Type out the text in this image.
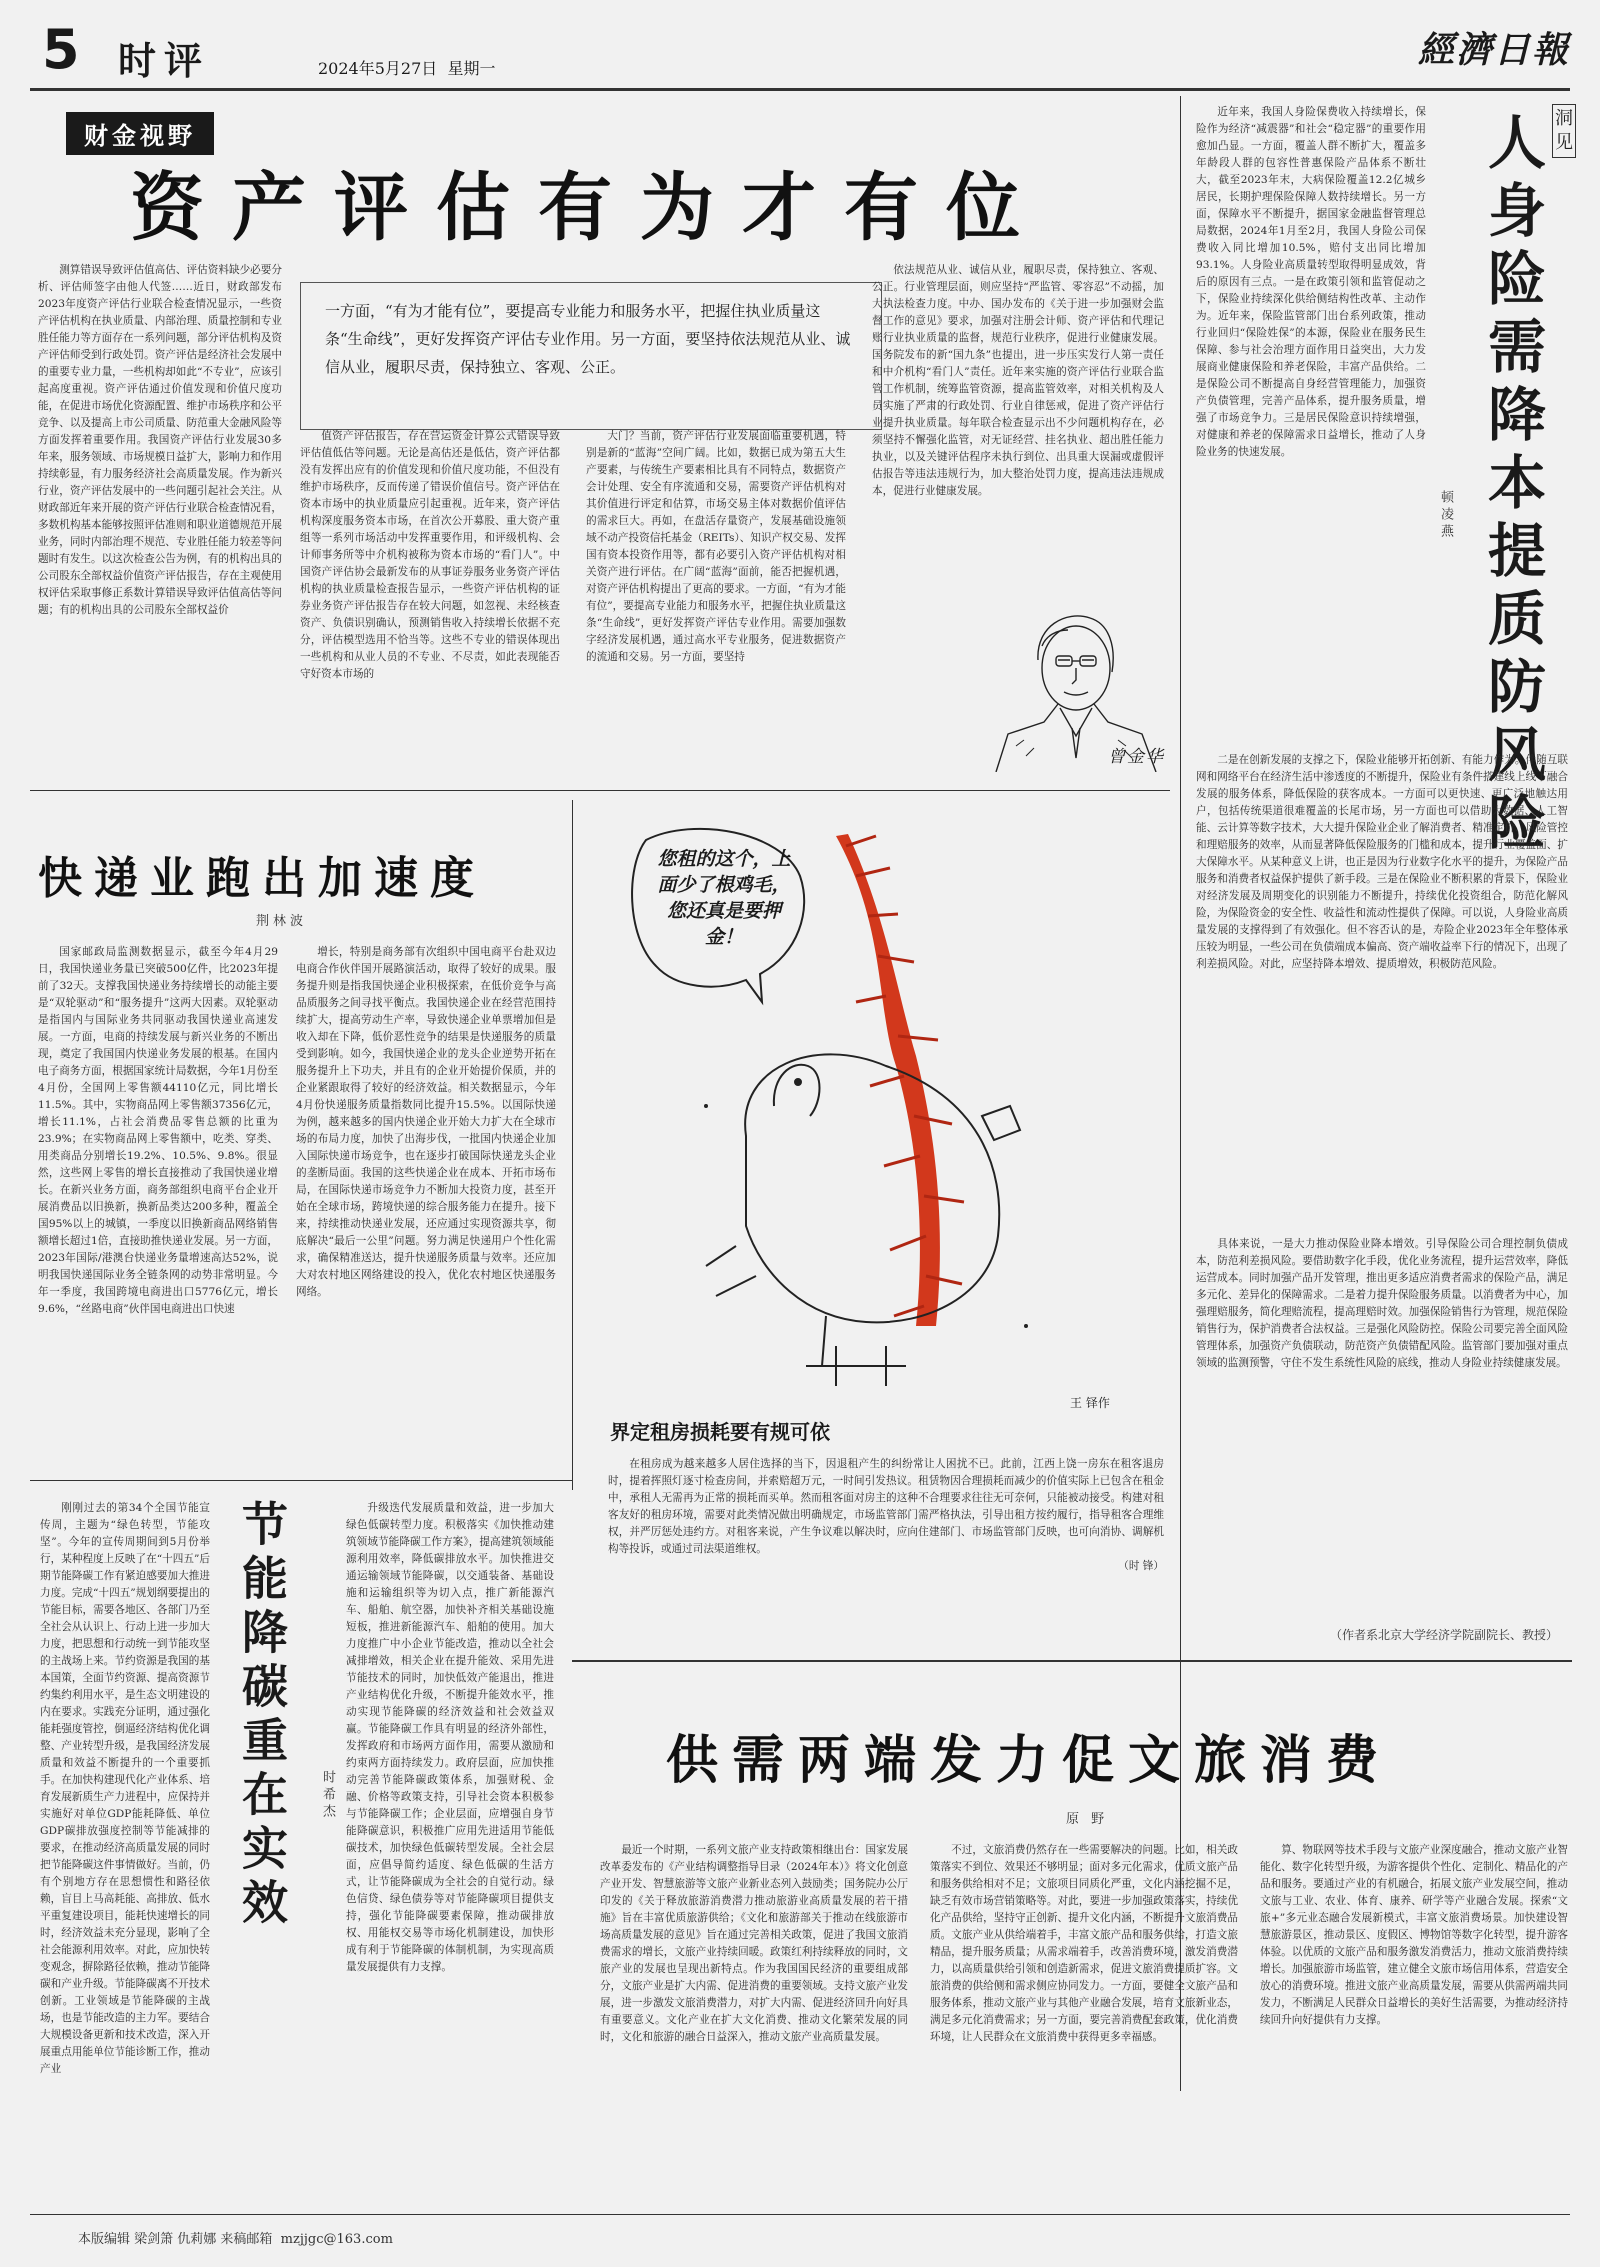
5 时评	2024年5月27日 星期一	經濟日報
财金视野
资产评估有为才有位

测算错误导致评估值高估、评估资料缺少必要分析、评估师签字由他人代签……近日，财政部发布2023年度资产评估行业联合检查情况显示，一些资产评估机构在执业质量、内部治理、质量控制和专业胜任能力等方面存在一系列问题，部分评估机构及资产评估师受到行政处罚。资产评估是经济社会发展中的重要专业力量，一些机构却如此“不专业”，应该引起高度重视。资产评估通过价值发现和价值尺度功能，在促进市场优化资源配置、维护市场秩序和公平竞争、以及提高上市公司质量、防范重大金融风险等方面发挥着重要作用。我国资产评估行业发展30多年来，服务领域、市场规模日益扩大，影响力和作用持续彰显，有力服务经济社会高质量发展。作为新兴行业，资产评估发展中的一些问题引起社会关注。从财政部近年来开展的资产评估行业联合检查情况看，多数机构基本能够按照评估准则和职业道德规范开展业务，同时内部治理不规范、专业胜任能力较差等问题时有发生。以这次检查公告为例，有的机构出具的公司股东全部权益价值资产评估报告，存在主观使用权评估采取事修正系数计算错误导致评估值高估等问题；有的机构出具的公司股东全部权益价

一方面，“有为才能有位”，要提高专业能力和服务水平，把握住执业质量这条“生命线”，更好发挥资产评估专业作用。另一方面，要坚持依法规范从业、诚信从业，履职尽责，保持独立、客观、公正。

值资产评估报告，存在营运资金计算公式错误导致评估值低估等问题。无论是高估还是低估，资产评估都没有发挥出应有的价值发现和价值尺度功能，不但没有维护市场秩序，反而传递了错误价值信号。资产评估在资本市场中的执业质量应引起重视。近年来，资产评估机构深度服务资本市场，在首次公开募股、重大资产重组等一系列市场活动中发挥重要作用，和评级机构、会计师事务所等中介机构被称为资本市场的“看门人”。中国资产评估协会最新发布的从事证券服务业务资产评估机构的执业质量检查报告显示，一些资产评估机构的证券业务资产评估报告存在较大问题，如忽视、未经核查资产、负债识别确认，预测销售收入持续增长依据不充分，评估模型选用不恰当等。这些不专业的错误体现出一些机构和从业人员的不专业、不尽责，如此表现能否守好资本市场的

大门？当前，资产评估行业发展面临重要机遇，特别是新的“蓝海”空间广阔。比如，数据已成为第五大生产要素，与传统生产要素相比具有不同特点，数据资产会计处理、安全有序流通和交易，需要资产评估机构对其价值进行评定和估算，市场交易主体对数据价值评估的需求巨大。再如，在盘活存量资产，发展基础设施领域不动产投资信托基金（REITs）、知识产权交易、发挥国有资本投资作用等，都有必要引入资产评估机构对相关资产进行评估。在广阔“蓝海”面前，能否把握机遇，对资产评估机构提出了更高的要求。一方面，“有为才能有位”，要提高专业能力和服务水平，把握住执业质量这条“生命线”，更好发挥资产评估专业作用。需要加强数字经济发展机遇，通过高水平专业服务，促进数据资产的流通和交易。另一方面，要坚持

依法规范从业、诚信从业，履职尽责，保持独立、客观、公正。行业管理层面，则应坚持“严监管、零容忍”不动摇，加大执法检查力度。中办、国办发布的《关于进一步加强财会监督工作的意见》要求，加强对注册会计师、资产评估和代理记账行业执业质量的监督，规范行业秩序，促进行业健康发展。国务院发布的新“国九条”也提出，进一步压实发行人第一责任和中介机构“看门人”责任。近年来实施的资产评估行业联合监管工作机制，统筹监管资源，提高监管效率，对相关机构及人员实施了严肃的行政处罚、行业自律惩戒，促进了资产评估行业提升执业质量。每年联合检查显示出不少问题机构存在，必须坚持不懈强化监管，对无证经营、挂名执业、超出胜任能力执业，以及关键评估程序未执行到位、出具重大误漏或虚假评估报告等违法违规行为，加大整治处罚力度，提高违法违规成本，促进行业健康发展。

曾金华
快递业跑出加速度
荆林波

国家邮政局监测数据显示，截至今年4月29日，我国快递业务量已突破500亿件，比2023年提前了32天。支撑我国快递业务持续增长的动能主要是“双轮驱动”和“服务提升”这两大因素。双轮驱动是指国内与国际业务共同驱动我国快递业高速发展。一方面，电商的持续发展与新兴业务的不断出现，奠定了我国国内快递业务发展的根基。在国内电子商务方面，根据国家统计局数据，今年1月份至4月份，全国网上零售额44110亿元，同比增长11.5%。其中，实物商品网上零售额37356亿元，增长11.1%，占社会消费品零售总额的比重为23.9%；在实物商品网上零售额中，吃类、穿类、用类商品分别增长19.2%、10.5%、9.8%。很显然，这些网上零售的增长直接推动了我国快递业增长。在新兴业务方面，商务部组织电商平台企业开展消费品以旧换新，换新品类达200多种，覆盖全国95%以上的城镇，一季度以旧换新商品网络销售额增长超过1倍，直接助推快递业发展。另一方面，2023年国际/港澳台快递业务量增速高达52%，说明我国快递国际业务全链条网的动势非常明显。今年一季度，我国跨境电商进出口5776亿元，增长9.6%，“丝路电商”伙伴国电商进出口快速

增长，特别是商务部有次组织中国电商平台赴双边电商合作伙伴国开展路演活动，取得了较好的成果。服务提升则是指我国快递企业积极探索，在低价竞争与高品质服务之间寻找平衡点。我国快递企业在经营范围持续扩大，提高劳动生产率，导致快递企业单票增加但是收入却在下降，低价恶性竞争的结果是快递服务的质量受到影响。如今，我国快递企业的龙头企业逆势开拓在服务提升上下功夫，并且有的企业开始提价保质，并的企业紧跟取得了较好的经济效益。相关数据显示，今年4月份快递服务质量指数同比提升15.5%。以国际快递为例，越来越多的国内快递企业开始大力扩大在全球市场的布局力度，加快了出海步伐，一批国内快递企业加入国际快递市场竞争，也在逐步打破国际快递龙头企业的垄断局面。我国的这些快递企业在成本、开拓市场布局，在国际快递市场竞争力不断加大投资力度，甚至开始在全球市场，跨境快递的综合服务能力在提升。接下来，持续推动快递业发展，还应通过实现资源共享，彻底解决“最后一公里”问题。努力满足快递用户个性化需求，确保精准送达，提升快递服务质量与效率。还应加大对农村地区网络建设的投入，优化农村地区快递服务网络。

您租的这个，上面少了根鸡毛，您还真是要押金！
王 铎作
界定租房损耗要有规可依

在租房成为越来越多人居住选择的当下，因退租产生的纠纷常让人困扰不已。此前，江西上饶一房东在租客退房时，提着挥照灯逐寸检查房间，并索赔超万元，一时间引发热议。租赁物因合理损耗而减少的价值实际上已包含在租金中，承租人无需再为正常的损耗而买单。然而租客面对房主的这种不合理要求往往无可奈何，只能被动接受。构建对租客友好的租房环境，需要对此类情况做出明确规定，市场监管部门需严格执法，引导出租方按约履行，指导租客合理维权，并严厉惩处违约方。对租客来说，产生争议难以解决时，应向住建部门、市场监管部门反映，也可向消协、调解机构等投诉，或通过司法渠道维权。

（时 锋）

刚刚过去的第34个全国节能宣传周，主题为“绿色转型，节能攻坚”。今年的宣传周期间到5月份举行，某种程度上反映了在“十四五”后期节能降碳工作有紧迫感要加大推进力度。完成“十四五”规划纲要提出的节能目标，需要各地区、各部门乃至全社会从认识上、行动上进一步加大力度，把思想和行动统一到节能攻坚的主战场上来。节约资源是我国的基本国策，全面节约资源、提高资源节约集约利用水平，是生态文明建设的内在要求。实践充分证明，通过强化能耗强度管控，倒逼经济结构优化调整、产业转型升级，是我国经济发展质量和效益不断提升的一个重要抓手。在加快构建现代化产业体系、培育发展新质生产力进程中，应保持并实施好对单位GDP能耗降低、单位GDP碳排放强度控制等节能减排的要求，在推动经济高质量发展的同时把节能降碳这件事情做好。当前，仍有个别地方存在思想惯性和路径依赖，盲目上马高耗能、高排放、低水平重复建设项目，能耗快速增长的同时，经济效益未充分显现，影响了全社会能源利用效率。对此，应加快转变观念，摒除路径依赖，推动节能降碳和产业升级。节能降碳离不开技术创新。工业领域是节能降碳的主战场，也是节能改造的主力军。要结合大规模设备更新和技术改造，深入开展重点用能单位节能诊断工作，推动产业

节能降碳重在实效 时希杰

升级迭代发展质量和效益，进一步加大绿色低碳转型力度。积极落实《加快推动建筑领域节能降碳工作方案》，提高建筑领域能源利用效率，降低碳排放水平。加快推进交通运输领域节能降碳，以交通装备、基础设施和运输组织等为切入点，推广新能源汽车、船舶、航空器，加快补齐相关基础设施短板，推进新能源汽车、船舶的使用。加大力度推广中小企业节能改造，推动以全社会减排增效，相关企业在提升能效、采用先进节能技术的同时，加快低效产能退出，推进产业结构优化升级，不断提升能效水平，推动实现节能降碳的经济效益和社会效益双赢。节能降碳工作具有明显的经济外部性，发挥政府和市场两方面作用，需要从激励和约束两方面持续发力。政府层面，应加快推动完善节能降碳政策体系，加强财税、金融、价格等政策支持，引导社会资本积极参与节能降碳工作；企业层面，应增强自身节能降碳意识，积极推广应用先进适用节能低碳技术，加快绿色低碳转型发展。全社会层面，应倡导简约适度、绿色低碳的生活方式，让节能降碳成为全社会的自觉行动。绿色信贷、绿色债券等对节能降碳项目提供支持，强化节能降碳要素保障，推动碳排放权、用能权交易等市场化机制建设，加快形成有利于节能降碳的体制机制，为实现高质量发展提供有力支撑。

供需两端发力促文旅消费
原 野

最近一个时期，一系列文旅产业支持政策相继出台：国家发展改革委发布的《产业结构调整指导目录（2024年本）》将文化创意产业开发、智慧旅游等文旅产业新业态列入鼓励类；国务院办公厅印发的《关于释放旅游消费潜力推动旅游业高质量发展的若干措施》旨在丰富优质旅游供给；《文化和旅游部关于推动在线旅游市场高质量发展的意见》旨在通过完善相关政策，促进了我国文旅消费需求的增长，文旅产业持续回暖。政策红利持续释放的同时，文旅产业的发展也呈现出新特点。作为我国国民经济的重要组成部分，文旅产业是扩大内需、促进消费的重要领域。支持文旅产业发展，进一步激发文旅消费潜力，对扩大内需、促进经济回升向好具有重要意义。文化产业在扩大文化消费、推动文化繁荣发展的同时，文化和旅游的融合日益深入，推动文旅产业高质量发展。

不过，文旅消费仍然存在一些需要解决的问题。比如，相关政策落实不到位、效果还不够明显；面对多元化需求，优质文旅产品和服务供给相对不足；文旅项目同质化严重，文化内涵挖掘不足，缺乏有效市场营销策略等。对此，要进一步加强政策落实，持续优化产品供给，坚持守正创新、提升文化内涵，不断提升文旅消费品质。文旅产业从供给端着手，丰富文旅产品和服务供给，打造文旅精品，提升服务质量；从需求端着手，改善消费环境，激发消费潜力，以高质量供给引领和创造新需求，促进文旅消费提质扩容。文旅消费的供给侧和需求侧应协同发力。一方面，要健全文旅产品和服务体系，推动文旅产业与其他产业融合发展，培育文旅新业态，满足多元化消费需求；另一方面，要完善消费配套政策，优化消费环境，让人民群众在文旅消费中获得更多幸福感。

算、物联网等技术手段与文旅产业深度融合，推动文旅产业智能化、数字化转型升级，为游客提供个性化、定制化、精品化的产品和服务。要通过产业的有机融合，拓展文旅产业发展空间，推动文旅与工业、农业、体育、康养、研学等产业融合发展。探索“文旅+”多元业态融合发展新模式，丰富文旅消费场景。加快建设智慧旅游景区，推动景区、度假区、博物馆等数字化转型，提升游客体验。以优质的文旅产品和服务激发消费活力，推动文旅消费持续增长。加强旅游市场监管，建立健全文旅市场信用体系，营造安全放心的消费环境。推进文旅产业高质量发展，需要从供需两端共同发力，不断满足人民群众日益增长的美好生活需要，为推动经济持续回升向好提供有力支撑。

洞见
人身险需降本提质防风险
顿凌燕

近年来，我国人身险保费收入持续增长，保险作为经济“减震器”和社会“稳定器”的重要作用愈加凸显。一方面，覆盖人群不断扩大，覆盖多年龄段人群的包容性普惠保险产品体系不断壮大，截至2023年末，大病保险覆盖12.2亿城乡居民，长期护理保险保障人数持续增长。另一方面，保障水平不断提升，据国家金融监督管理总局数据，2024年1月至2月，我国人身险公司保费收入同比增加10.5%，赔付支出同比增加93.1%。人身险业高质量转型取得明显成效，背后的原因有三点。一是在政策引领和监管促动之下，保险业持续深化供给侧结构性改革、主动作为。近年来，保险监管部门出台系列政策，推动行业回归“保险姓保”的本源，保险业在服务民生保障、参与社会治理方面作用日益突出，大力发展商业健康保险和养老保险，丰富产品供给。二是保险公司不断提高自身经营管理能力，加强资产负债管理，完善产品体系，提升服务质量，增强了市场竞争力。三是居民保险意识持续增强，对健康和养老的保障需求日益增长，推动了人身险业务的快速发展。

二是在创新发展的支撑之下，保险业能够开拓创新、有能力作为。伴随互联网和网络平台在经济生活中渗透度的不断提升，保险业有条件搭建线上线下融合发展的服务体系，降低保险的获客成本。一方面可以更快速、更广泛地触达用户，包括传统渠道很难覆盖的长尾市场，另一方面也可以借助大数据、人工智能、云计算等数字技术，大大提升保险业企业了解消费者、精准定价、风险管控和理赔服务的效率，从而显著降低保险服务的门槛和成本，提升行业覆盖面、扩大保障水平。从某种意义上讲，也正是因为行业数字化水平的提升，为保险产品服务和消费者权益保护提供了新手段。三是在保险业不断积累的背景下，保险业对经济发展及周期变化的识别能力不断提升，持续优化投资组合，防范化解风险，为保险资金的安全性、收益性和流动性提供了保障。可以说，人身险业高质量发展的支撑得到了有效强化。但不容否认的是，寿险企业2023年全年整体承压较为明显，一些公司在负债端成本偏高、资产端收益率下行的情况下，出现了利差损风险。对此，应坚持降本增效、提质增效，积极防范风险。

具体来说，一是大力推动保险业降本增效。引导保险公司合理控制负债成本，防范利差损风险。要借助数字化手段，优化业务流程，提升运营效率，降低运营成本。同时加强产品开发管理，推出更多适应消费者需求的保险产品，满足多元化、差异化的保障需求。二是着力提升保险服务质量。以消费者为中心，加强理赔服务，简化理赔流程，提高理赔时效。加强保险销售行为管理，规范保险销售行为，保护消费者合法权益。三是强化风险防控。保险公司要完善全面风险管理体系，加强资产负债联动，防范资产负债错配风险。监管部门要加强对重点领域的监测预警，守住不发生系统性风险的底线，推动人身险业持续健康发展。

（作者系北京大学经济学院副院长、教授）
本版编辑 梁剑箫 仇莉娜 来稿邮箱 mzjjgc@163.com
